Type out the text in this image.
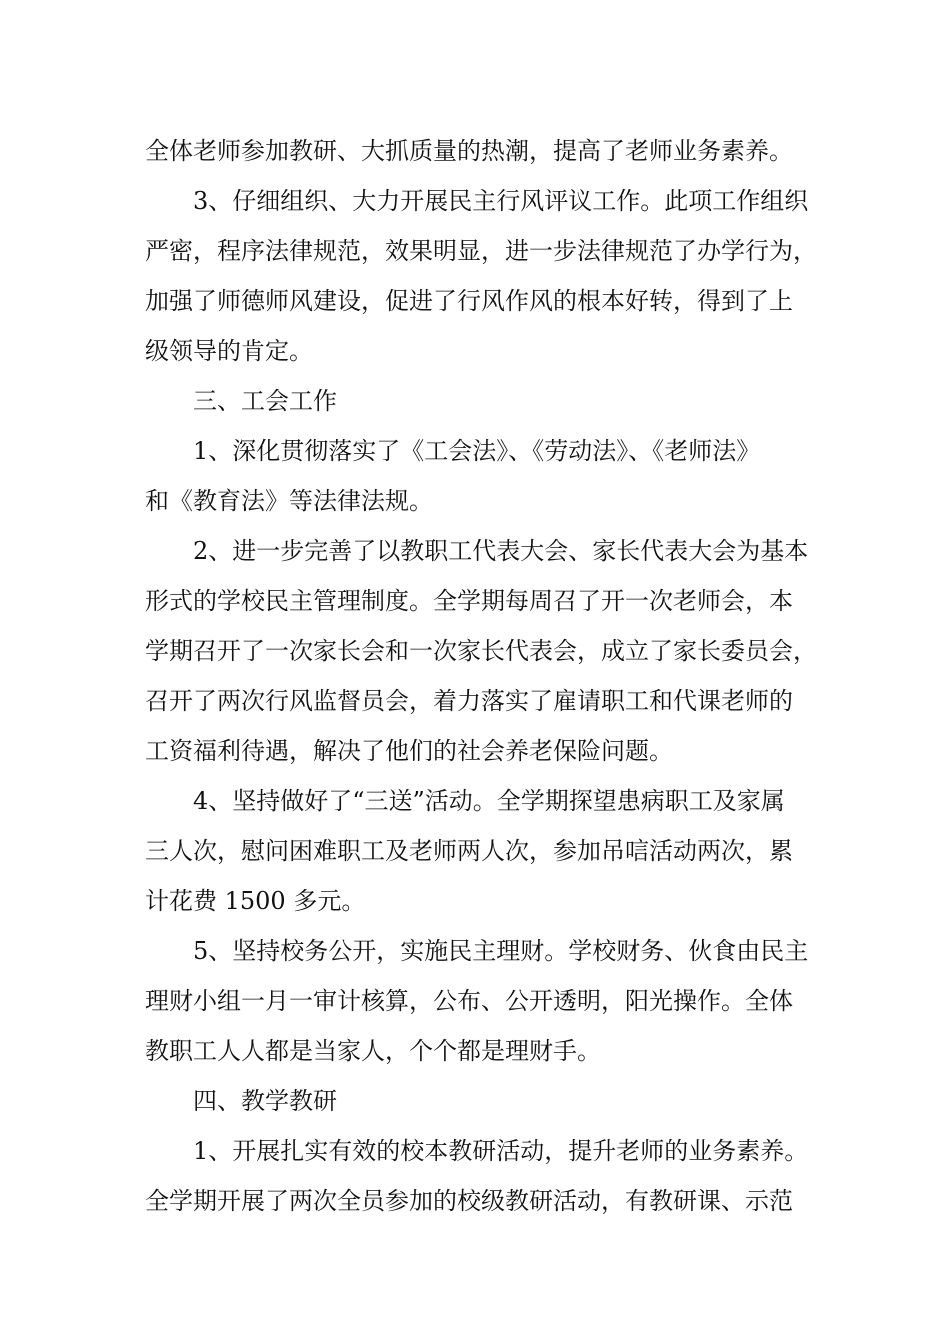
全体老师参加教研、大抓质量的热潮，提高了老师业务素养。
3、仔细组织、大力开展民主行风评议工作。此项工作组织
严密，程序法律规范，效果明显，进一步法律规范了办学行为，
加强了师德师风建设，促进了行风作风的根本好转，得到了上
级领导的肯定。
三、工会工作
1、深化贯彻落实了《工会法》、《劳动法》、《老师法》
和《教育法》等法律法规。
2、进一步完善了以教职工代表大会、家长代表大会为基本
形式的学校民主管理制度。全学期每周召了开一次老师会，本
学期召开了一次家长会和一次家长代表会，成立了家长委员会，
召开了两次行风监督员会，着力落实了雇请职工和代课老师的
工资福利待遇，解决了他们的社会养老保险问题。
4、坚持做好了“三送”活动。全学期探望患病职工及家属
三人次，慰问困难职工及老师两人次，参加吊唁活动两次，累
计花费 1500 多元。
5、坚持校务公开，实施民主理财。学校财务、伙食由民主
理财小组一月一审计核算，公布、公开透明，阳光操作。全体
教职工人人都是当家人，个个都是理财手。
四、教学教研
1、开展扎实有效的校本教研活动，提升老师的业务素养。
全学期开展了两次全员参加的校级教研活动，有教研课、示范
